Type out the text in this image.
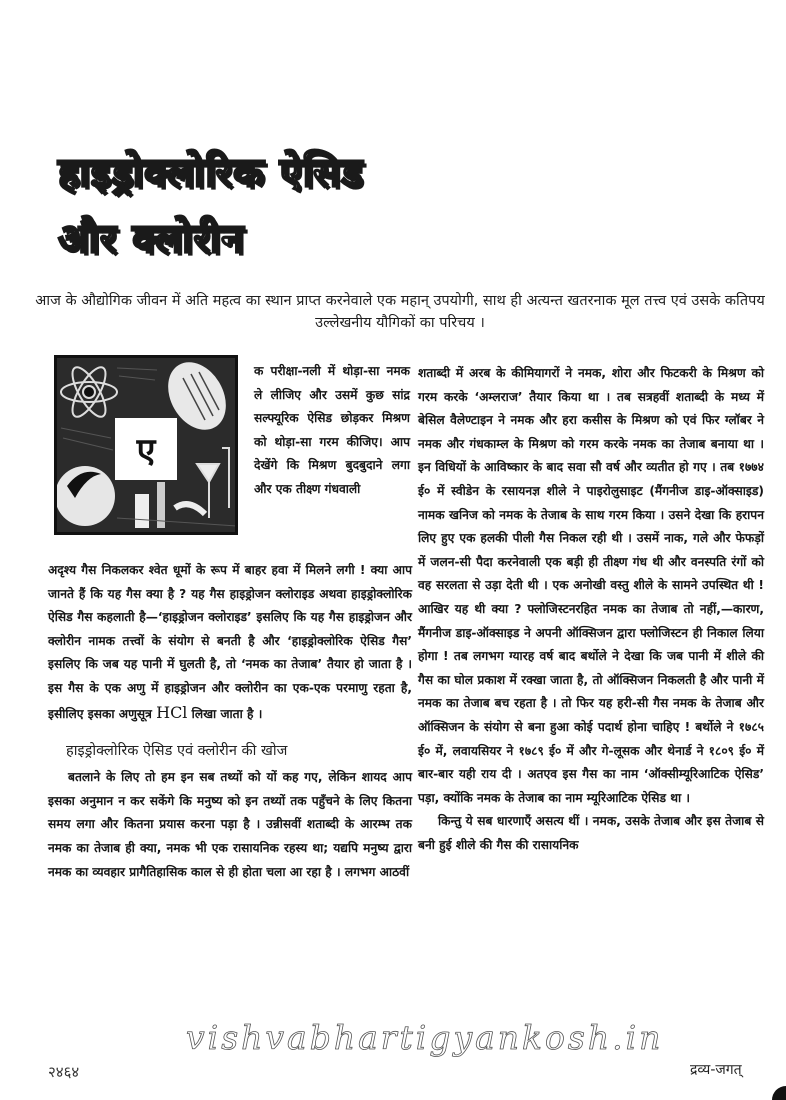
हाइड्रोक्लोरिक ऐसिड
और क्लोरीन
आज के औद्योगिक जीवन में अति महत्व का स्थान प्राप्त करनेवाले एक महान् उपयोगी, साथ ही अत्यन्त खतरनाक मूल तत्त्व एवं उसके कतिपय उल्लेखनीय यौगिकों का परिचय ।
ए

क परीक्षा-नली में थोड़ा-सा नमक ले लीजिए और उसमें कुछ सांद्र सल्फ्यूरिक ऐसिड छोड़कर मिश्रण को थोड़ा-सा गरम कीजिए। आप देखेंगे कि मिश्रण बुदबुदाने लगा और एक तीक्ष्ण गंधवाली

अदृश्य गैस निकलकर श्वेत धूमों के रूप में बाहर हवा में मिलने लगी ! क्या आप जानते हैं कि यह गैस क्या है ? यह गैस हाइड्रोजन क्लोराइड अथवा हाइड्रोक्लोरिक ऐसिड गैस कहलाती है—‘हाइड्रोजन क्लोराइड’ इसलिए कि यह गैस हाइड्रोजन और क्लोरीन नामक तत्त्वों के संयोग से बनती है और ‘हाइड्रोक्लोरिक ऐसिड गैस’ इसलिए कि जब यह पानी में घुलती है, तो ‘नमक का तेजाब’ तैयार हो जाता है । इस गैस के एक अणु में हाइड्रोजन और क्लोरीन का एक-एक परमाणु रहता है, इसीलिए इसका अणुसूत्र HCl लिखा जाता है ।

हाइड्रोक्लोरिक ऐसिड एवं क्लोरीन की खोज

बतलाने के लिए तो हम इन सब तथ्यों को यों कह गए, लेकिन शायद आप इसका अनुमान न कर सकेंगे कि मनुष्य को इन तथ्यों तक पहुँचने के लिए कितना समय लगा और कितना प्रयास करना पड़ा है । उन्नीसवीं शताब्दी के आरम्भ तक नमक का तेजाब ही क्या, नमक भी एक रासायनिक रहस्य था; यद्यपि मनुष्य द्वारा नमक का व्यवहार प्रागैतिहासिक काल से ही होता चला आ रहा है । लगभग आठवीं

शताब्दी में अरब के कीमियागरों ने नमक, शोरा और फिटकरी के मिश्रण को गरम करके ‘अम्लराज’ तैयार किया था । तब सत्रहवीं शताब्दी के मध्य में बेसिल वैलेण्टाइन ने नमक और हरा कसीस के मिश्रण को एवं फिर ग्लॉबर ने नमक और गंधकाम्ल के मिश्रण को गरम करके नमक का तेजाब बनाया था । इन विधियों के आविष्कार के बाद सवा सौ वर्ष और व्यतीत हो गए । तब १७७४ ई० में स्वीडेन के रसायनज्ञ शीले ने पाइरोलुसाइट (मैंगनीज डाइ-ऑक्साइड) नामक खनिज को नमक के तेजाब के साथ गरम किया । उसने देखा कि हरापन लिए हुए एक हलकी पीली गैस निकल रही थी । उसमें नाक, गले और फेफड़ों में जलन-सी पैदा करनेवाली एक बड़ी ही तीक्ष्ण गंध थी और वनस्पति रंगों को वह सरलता से उड़ा देती थी । एक अनोखी वस्तु शीले के सामने उपस्थित थी ! आखिर यह थी क्या ? फ्लोजिस्टनरहित नमक का तेजाब तो नहीं,—कारण, मैंगनीज डाइ-ऑक्साइड ने अपनी ऑक्सिजन द्वारा फ्लोजिस्टन ही निकाल लिया होगा ! तब लगभग ग्यारह वर्ष बाद बर्थोले ने देखा कि जब पानी में शीले की गैस का घोल प्रकाश में रक्खा जाता है, तो ऑक्सिजन निकलती है और पानी में नमक का तेजाब बच रहता है । तो फिर यह हरी-सी गैस नमक के तेजाब और ऑक्सिजन के संयोग से बना हुआ कोई पदार्थ होना चाहिए ! बर्थोले ने १७८५ ई० में, लवायसियर ने १७८९ ई० में और गे-लूसक और थेनार्ड ने १८०९ ई० में बार-बार यही राय दी । अतएव इस गैस का नाम ‘ऑक्सीम्यूरिआटिक ऐसिड’ पड़ा, क्योंकि नमक के तेजाब का नाम म्यूरिआटिक ऐसिड था ।

किन्तु ये सब धारणाएँ असत्य थीं । नमक, उसके तेजाब और इस तेजाब से बनी हुई शीले की गैस की रासायनिक

vishvabhartigyankosh.in
२४६४	द्रव्य-जगत्
